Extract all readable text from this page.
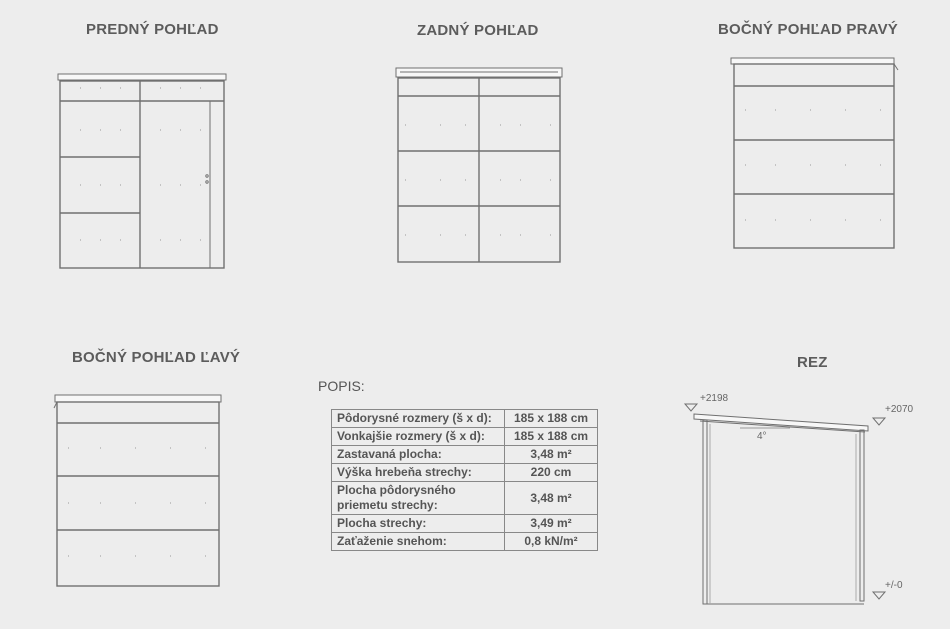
PREDNÝ POHĽAD	ZADNÝ POHĽAD	BOČNÝ POHĽAD PRAVÝ
BOČNÝ POHĽAD ĽAVÝ	REZ
+2198
+2070
+/-0
4°
POPIS:
Pôdorysné rozmery (š x d):	185 x 188 cm
Vonkajšie rozmery (š x d):	185 x 188 cm
Zastavaná plocha:	3,48 m²
Výška hrebeňa strechy:	220 cm
Plocha pôdorysného priemetu strechy:	3,48 m²
Plocha strechy:	3,49 m²
Zaťaženie snehom:	0,8 kN/m²
